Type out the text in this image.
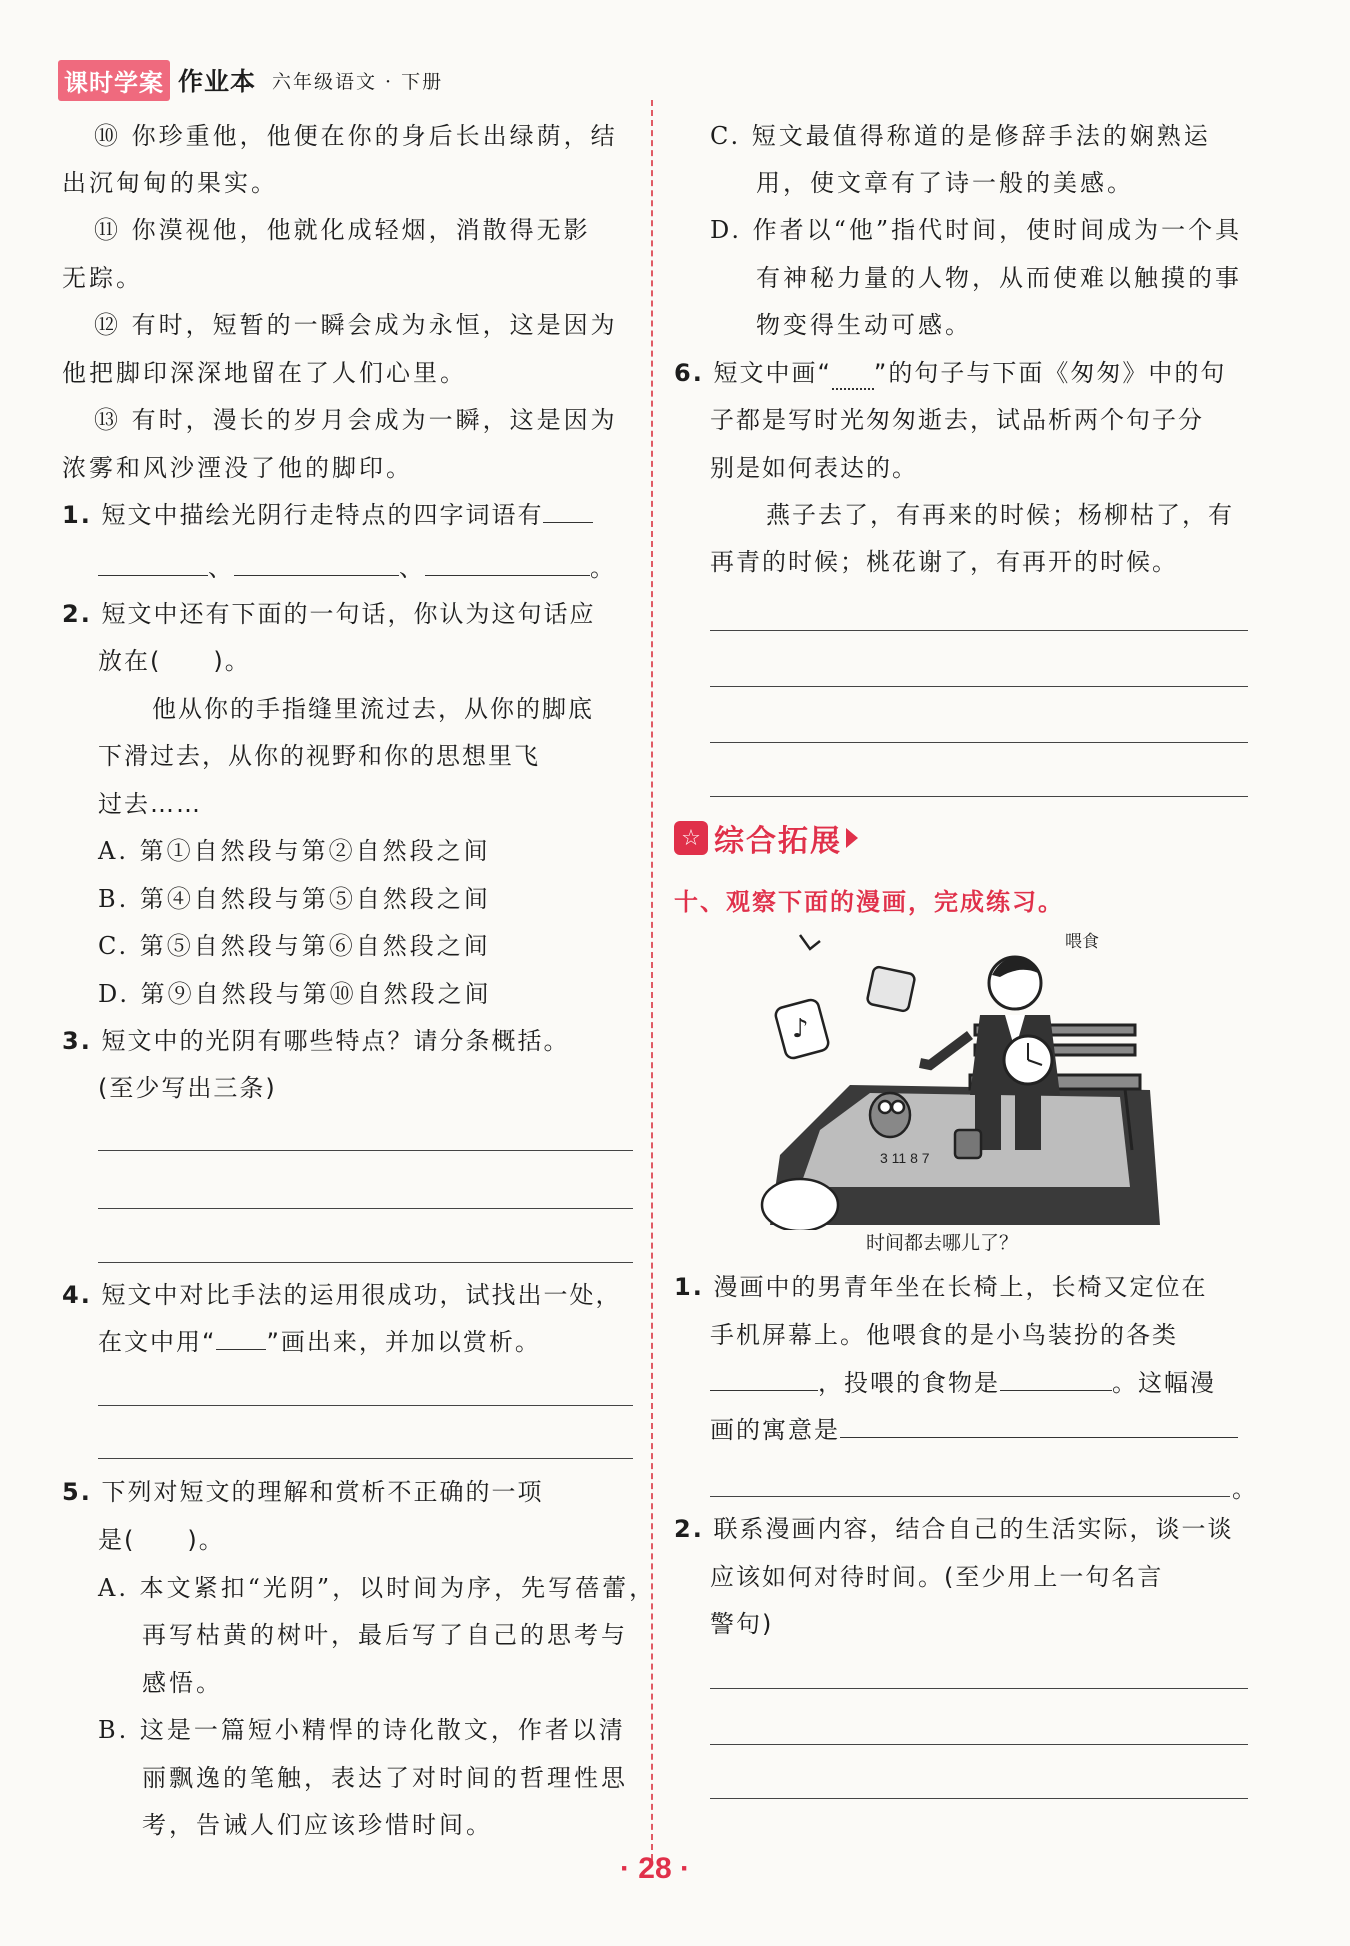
课时学案 作业本 六年级语文 · 下册
⑩ 你珍重他，他便在你的身后长出绿荫，结
出沉甸甸的果实。
⑪ 你漠视他，他就化成轻烟，消散得无影
无踪。
⑫ 有时，短暂的一瞬会成为永恒，这是因为
他把脚印深深地留在了人们心里。
⑬ 有时，漫长的岁月会成为一瞬，这是因为
浓雾和风沙湮没了他的脚印。
1. 短文中描绘光阴行走特点的四字词语有
、	、	。
2. 短文中还有下面的一句话，你认为这句话应
放在(　　)。
他从你的手指缝里流过去，从你的脚底
下滑过去，从你的视野和你的思想里飞
过去……
A. 第①自然段与第②自然段之间
B. 第④自然段与第⑤自然段之间
C. 第⑤自然段与第⑥自然段之间
D. 第⑨自然段与第⑩自然段之间
3. 短文中的光阴有哪些特点？请分条概括。
(至少写出三条)
4. 短文中对比手法的运用很成功，试找出一处，
在文中用“ ”画出来，并加以赏析。
5. 下列对短文的理解和赏析不正确的一项
是(　　)。
A. 本文紧扣“光阴”，以时间为序，先写蓓蕾，
再写枯黄的树叶，最后写了自己的思考与
感悟。
B. 这是一篇短小精悍的诗化散文，作者以清
丽飘逸的笔触，表达了对时间的哲理性思
考，告诫人们应该珍惜时间。
C. 短文最值得称道的是修辞手法的娴熟运
用，使文章有了诗一般的美感。
D. 作者以“他”指代时间，使时间成为一个具
有神秘力量的人物，从而使难以触摸的事
物变得生动可感。
6. 短文中画“ ”的句子与下面《匆匆》中的句
子都是写时光匆匆逝去，试品析两个句子分
别是如何表达的。
燕子去了，有再来的时候；杨柳枯了，有
再青的时候；桃花谢了，有再开的时候。
☆ 综合拓展
十、观察下面的漫画，完成练习。
♪
3 11 8 7
喂食
时间都去哪儿了？
1. 漫画中的男青年坐在长椅上，长椅又定位在
手机屏幕上。他喂食的是小鸟装扮的各类
，投喂的食物是	。这幅漫
画的寓意是
。
2. 联系漫画内容，结合自己的生活实际，谈一谈
应该如何对待时间。(至少用上一句名言
警句)
· 28 ·
